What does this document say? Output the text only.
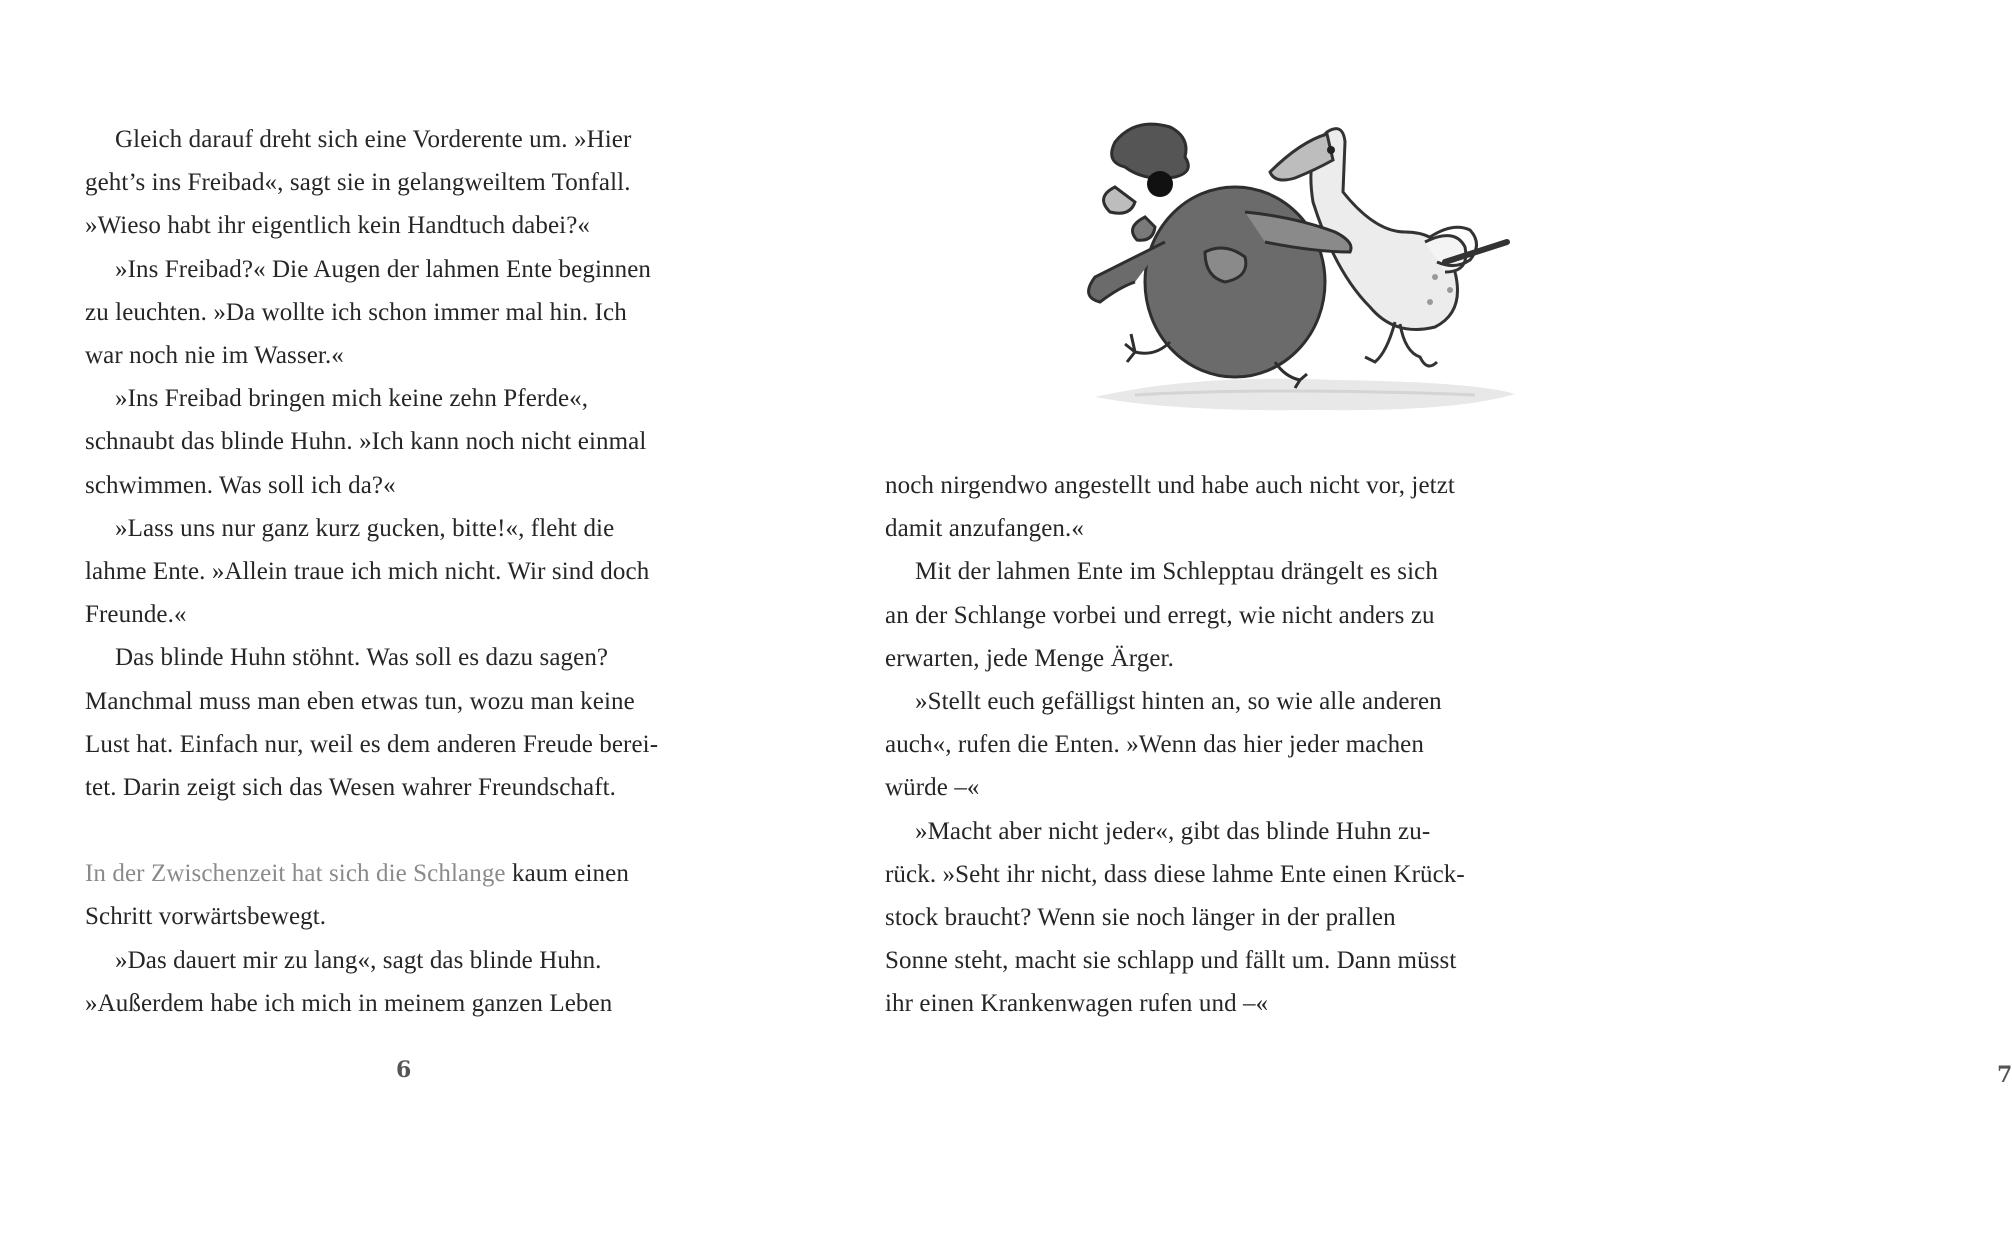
Gleich darauf dreht sich eine Vorderente um. »Hier
geht’s ins Freibad«, sagt sie in gelangweiltem Tonfall.
»Wieso habt ihr eigentlich kein Handtuch dabei?«
»Ins Freibad?« Die Augen der lahmen Ente beginnen
zu leuchten. »Da wollte ich schon immer mal hin. Ich
war noch nie im Wasser.«
»Ins Freibad bringen mich keine zehn Pferde«,
schnaubt das blinde Huhn. »Ich kann noch nicht einmal
schwimmen. Was soll ich da?«
»Lass uns nur ganz kurz gucken, bitte!«, fleht die
lahme Ente. »Allein traue ich mich nicht. Wir sind doch
Freunde.«
Das blinde Huhn stöhnt. Was soll es dazu sagen?
Manchmal muss man eben etwas tun, wozu man keine
Lust hat. Einfach nur, weil es dem anderen Freude berei-
tet. Darin zeigt sich das Wesen wahrer Freundschaft.
In der Zwischenzeit hat sich die Schlange kaum einen
Schritt vorwärtsbewegt.
»Das dauert mir zu lang«, sagt das blinde Huhn.
»Außerdem habe ich mich in meinem ganzen Leben
6	7
noch nirgendwo angestellt und habe auch nicht vor, jetzt
damit anzufangen.«
Mit der lahmen Ente im Schlepptau drängelt es sich
an der Schlange vorbei und erregt, wie nicht anders zu
erwarten, jede Menge Ärger.
»Stellt euch gefälligst hinten an, so wie alle anderen
auch«, rufen die Enten. »Wenn das hier jeder machen
würde –«
»Macht aber nicht jeder«, gibt das blinde Huhn zu-
rück. »Seht ihr nicht, dass diese lahme Ente einen Krück-
stock braucht? Wenn sie noch länger in der prallen
Sonne steht, macht sie schlapp und fällt um. Dann müsst
ihr einen Krankenwagen rufen und –«
